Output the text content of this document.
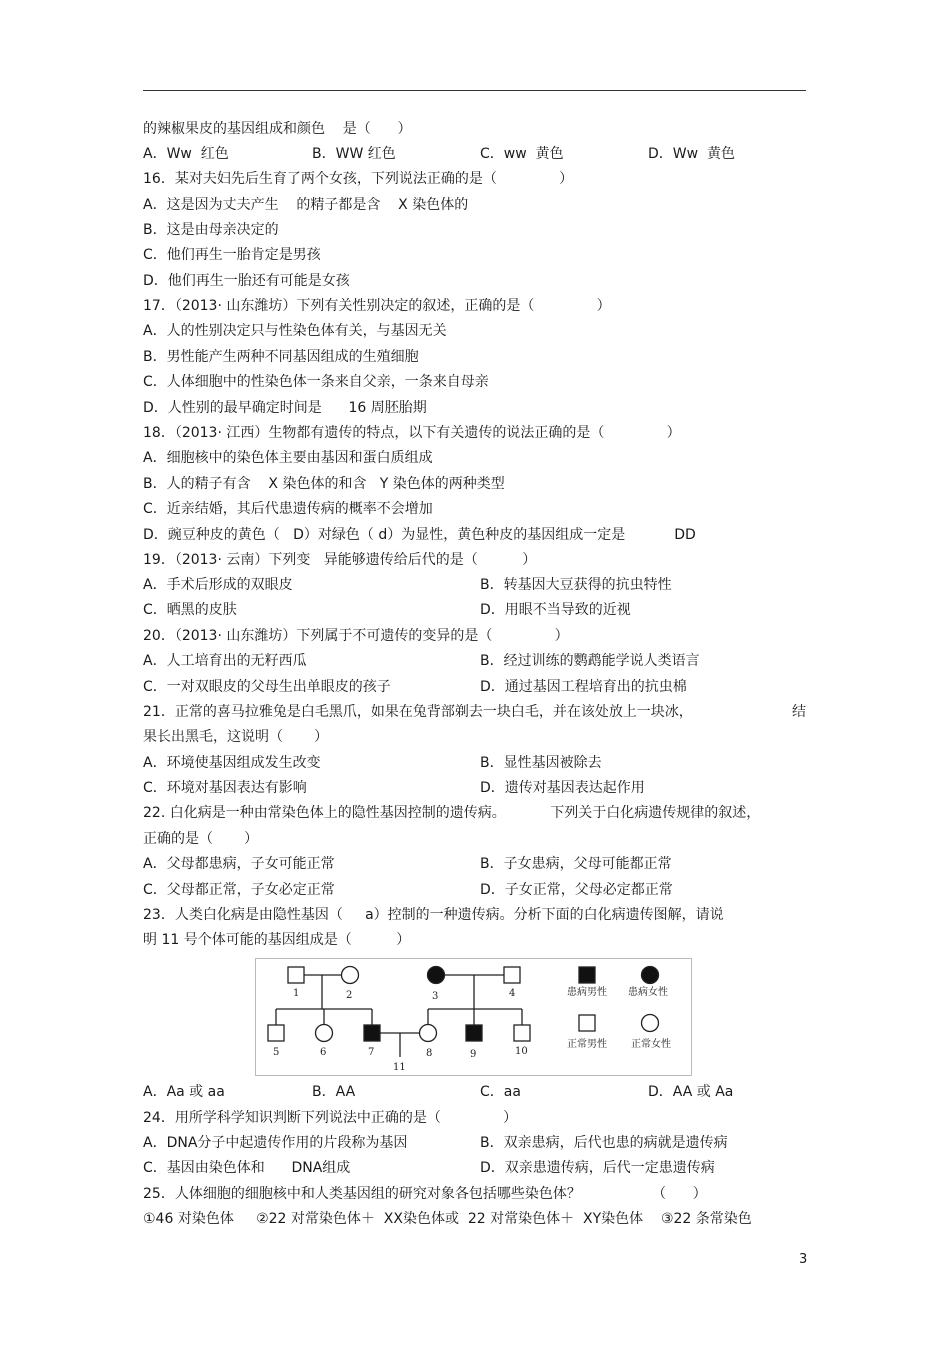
的辣椒果皮的基因组成和颜色    是（      ）
A．Ww  红色	B．WW 红色	C．ww  黄色	D．Ww  黄色
16．某对夫妇先后生育了两个女孩，下列说法正确的是（              ）
A．这是因为丈夫产生    的精子都是含    X 染色体的
B．这是由母亲决定的
C．他们再生一胎肯定是男孩
D．他们再生一胎还有可能是女孩
17．（2013· 山东潍坊）下列有关性别决定的叙述，正确的是（              ）
A．人的性别决定只与性染色体有关，与基因无关
B．男性能产生两种不同基因组成的生殖细胞
C．人体细胞中的性染色体一条来自父亲，一条来自母亲
D．人性别的最早确定时间是      16 周胚胎期
18．（2013· 江西）生物都有遗传的特点，以下有关遗传的说法正确的是（              ）
A．细胞核中的染色体主要由基因和蛋白质组成
B．人的精子有含    X 染色体的和含   Y 染色体的两种类型
C．近亲结婚，其后代患遗传病的概率不会增加
D．豌豆种皮的黄色（   D）对绿色（ d）为显性，黄色种皮的基因组成一定是           DD
19．（2013· 云南）下列变   异能够遗传给后代的是（          ）
A．手术后形成的双眼皮	B．转基因大豆获得的抗虫特性
C．晒黑的皮肤	D．用眼不当导致的近视
20．（2013· 山东潍坊）下列属于不可遗传的变异的是（              ）
A．人工培育出的无籽西瓜	B．经过训练的鹦鹉能学说人类语言
C．一对双眼皮的父母生出单眼皮的孩子	D．通过基因工程培育出的抗虫棉
21．正常的喜马拉雅兔是白毛黑爪，如果在兔背部剃去一块白毛，并在该处放上一块冰，	结
果长出黑毛，这说明（       ）
A．环境使基因组成发生改变	B．显性基因被除去
C．环境对基因表达有影响	D．遗传对基因表达起作用
22. 白化病是一种由常染色体上的隐性基因控制的遗传病。          下列关于白化病遗传规律的叙述，
正确的是（       ）
A．父母都患病，子女可能正常	B．子女患病，父母可能都正常
C．父母都正常，子女必定正常	D．子女正常，父母必定都正常
23．人类白化病是由隐性基因（     a）控制的一种遗传病。分析下面的白化病遗传图解，请说
明 11 号个体可能的基因组成是（          ）
1	2	3	4
5	6	7	8	9	10
11
患病男性 患病女性
正常男性 正常女性
A．Aa 或 aa	B．AA	C．aa	D．AA 或 Aa
24．用所学科学知识判断下列说法中正确的是（              ）
A．DNA分子中起遗传作用的片段称为基因	B．双亲患病，后代也患的病就是遗传病
C．基因由染色体和      DNA组成	D．双亲患遗传病，后代一定患遗传病
25．人体细胞的细胞核中和人类基因组的研究对象各包括哪些染色体？                （      ）
①46 对染色体     ②22 对常染色体＋  XX染色体或  22 对常染色体＋  XY染色体    ③22 条常染色
3
